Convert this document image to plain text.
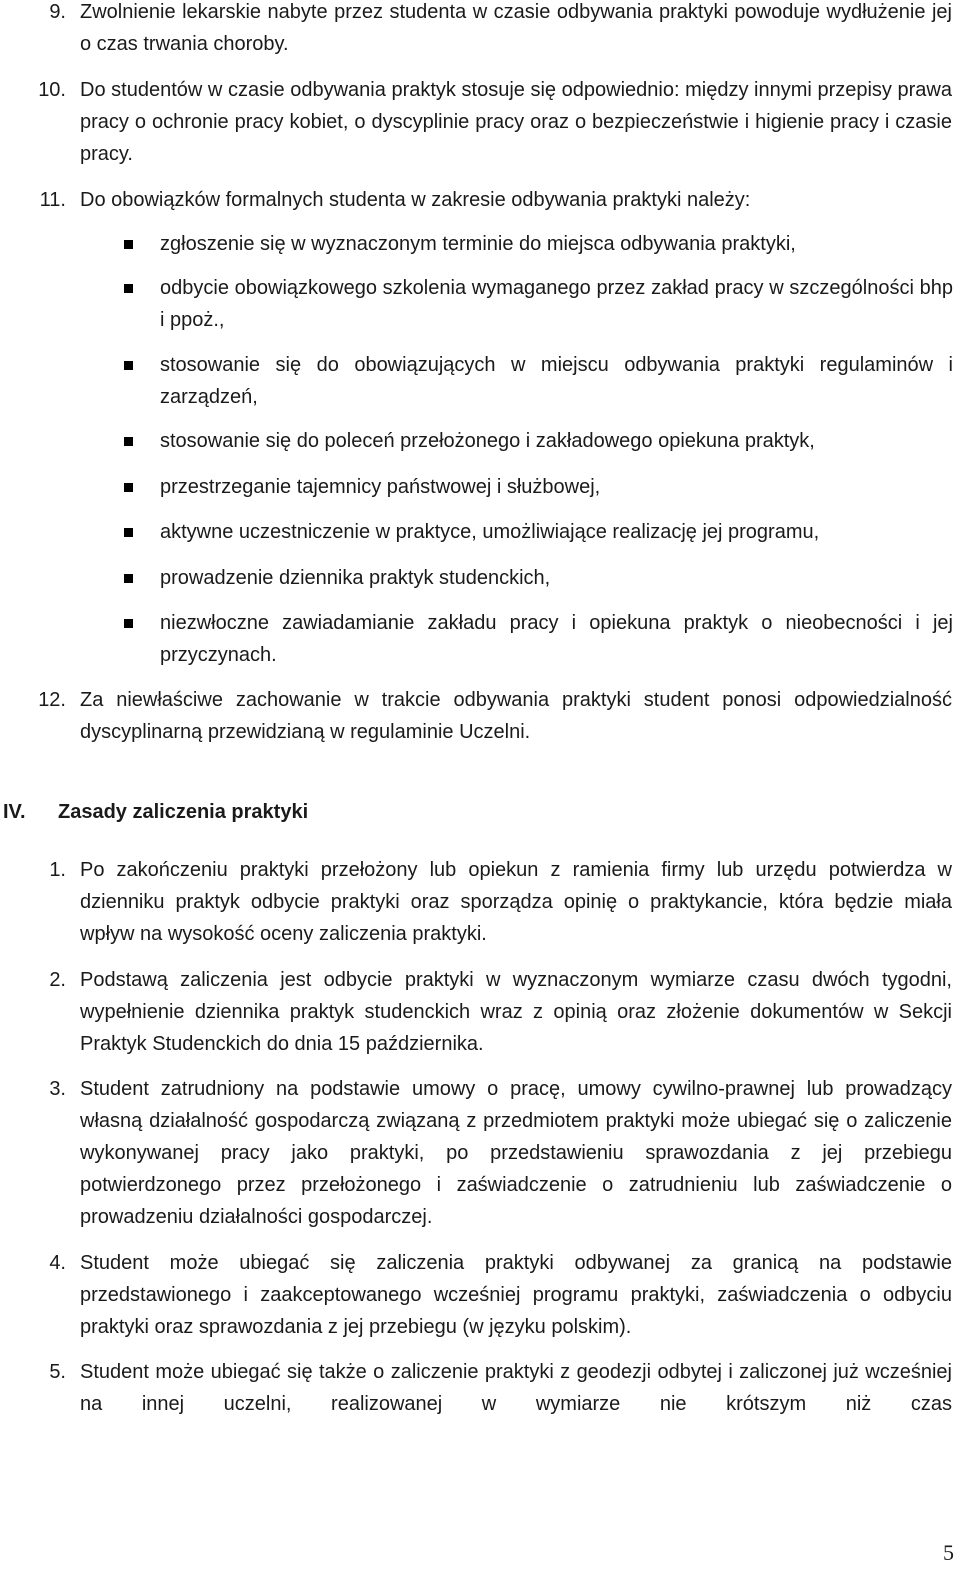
9. Zwolnienie lekarskie nabyte przez studenta w czasie odbywania praktyki powoduje wydłużenie jej o czas trwania choroby.
10. Do studentów w czasie odbywania praktyk stosuje się odpowiednio: między innymi przepisy prawa pracy o ochronie pracy kobiet, o dyscyplinie pracy oraz o bezpieczeństwie i higienie pracy i czasie pracy.
11. Do obowiązków formalnych studenta w zakresie odbywania praktyki należy:
zgłoszenie się w wyznaczonym terminie do miejsca odbywania praktyki,
odbycie obowiązkowego szkolenia wymaganego przez zakład pracy w szczególności bhp i ppoż.,
stosowanie się do obowiązujących w miejscu odbywania praktyki regulaminów i zarządzeń,
stosowanie się do poleceń przełożonego i zakładowego opiekuna praktyk,
przestrzeganie tajemnicy państwowej i służbowej,
aktywne uczestniczenie w praktyce, umożliwiające realizację jej programu,
prowadzenie dziennika praktyk studenckich,
niezwłoczne zawiadamianie zakładu pracy i opiekuna praktyk o nieobecności i jej przyczynach.
12. Za niewłaściwe zachowanie w trakcie odbywania praktyki student ponosi odpowiedzialność dyscyplinarną przewidzianą w regulaminie Uczelni.
IV. Zasady zaliczenia praktyki
1. Po zakończeniu praktyki przełożony lub opiekun z ramienia firmy lub urzędu potwierdza w dzienniku praktyk odbycie praktyki oraz sporządza opinię o praktykancie, która będzie miała wpływ na wysokość oceny zaliczenia praktyki.
2. Podstawą zaliczenia jest odbycie praktyki w wyznaczonym wymiarze czasu dwóch tygodni, wypełnienie dziennika praktyk studenckich wraz z opinią oraz złożenie dokumentów w Sekcji Praktyk Studenckich do dnia 15 października.
3. Student zatrudniony na podstawie umowy o pracę, umowy cywilno-prawnej lub prowadzący własną działalność gospodarczą związaną z przedmiotem praktyki może ubiegać się o zaliczenie wykonywanej pracy jako praktyki, po przedstawieniu sprawozdania z jej przebiegu potwierdzonego przez przełożonego i zaświadczenie o zatrudnieniu lub zaświadczenie o prowadzeniu działalności gospodarczej.
4. Student może ubiegać się zaliczenia praktyki odbywanej za granicą na podstawie przedstawionego i zaakceptowanego wcześniej programu praktyki, zaświadczenia o odbyciu praktyki oraz sprawozdania z jej przebiegu (w języku polskim).
5. Student może ubiegać się także o zaliczenie praktyki z geodezji odbytej i zaliczonej już wcześniej na innej uczelni, realizowanej w wymiarze nie krótszym niż czas
5
